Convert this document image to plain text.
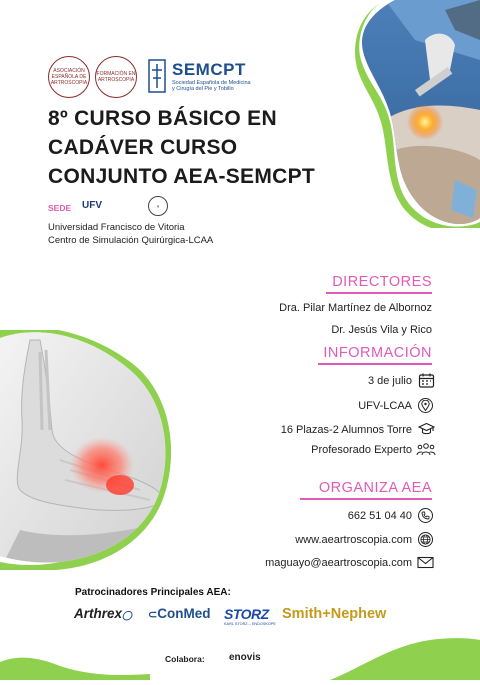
ASOCIACIÓN ESPAÑOLA DE ARTROSCOPIA
FORMACIÓN EN ARTROSCOPIA
SEMCPT
Sociedad Española de Medicina y Cirugía del Pie y Tobillo
8º CURSO BÁSICO EN
CADÁVER CURSO
CONJUNTO AEA-SEMCPT
SEDE UFV	✝
Universidad Francisco de Vitoria
Centro de Simulación Quirúrgica-LCAA
DIRECTORES
Dra. Pilar Martínez de Albornoz
Dr. Jesús Vila y Rico
INFORMACIÓN
3 de julio
UFV-LCAA
16 Plazas-2 Alumnos Torre
Profesorado Experto
ORGANIZA AEA
662 51 04 40
www.aeartroscopia.com
maguayo@aeartroscopia.com
Patrocinadores Principales AEA:
Arthrex◯ ⊂ConMed STORZ
KARL STORZ – ENDOSKOPE
Smith+Nephew
Colabora: enovis
